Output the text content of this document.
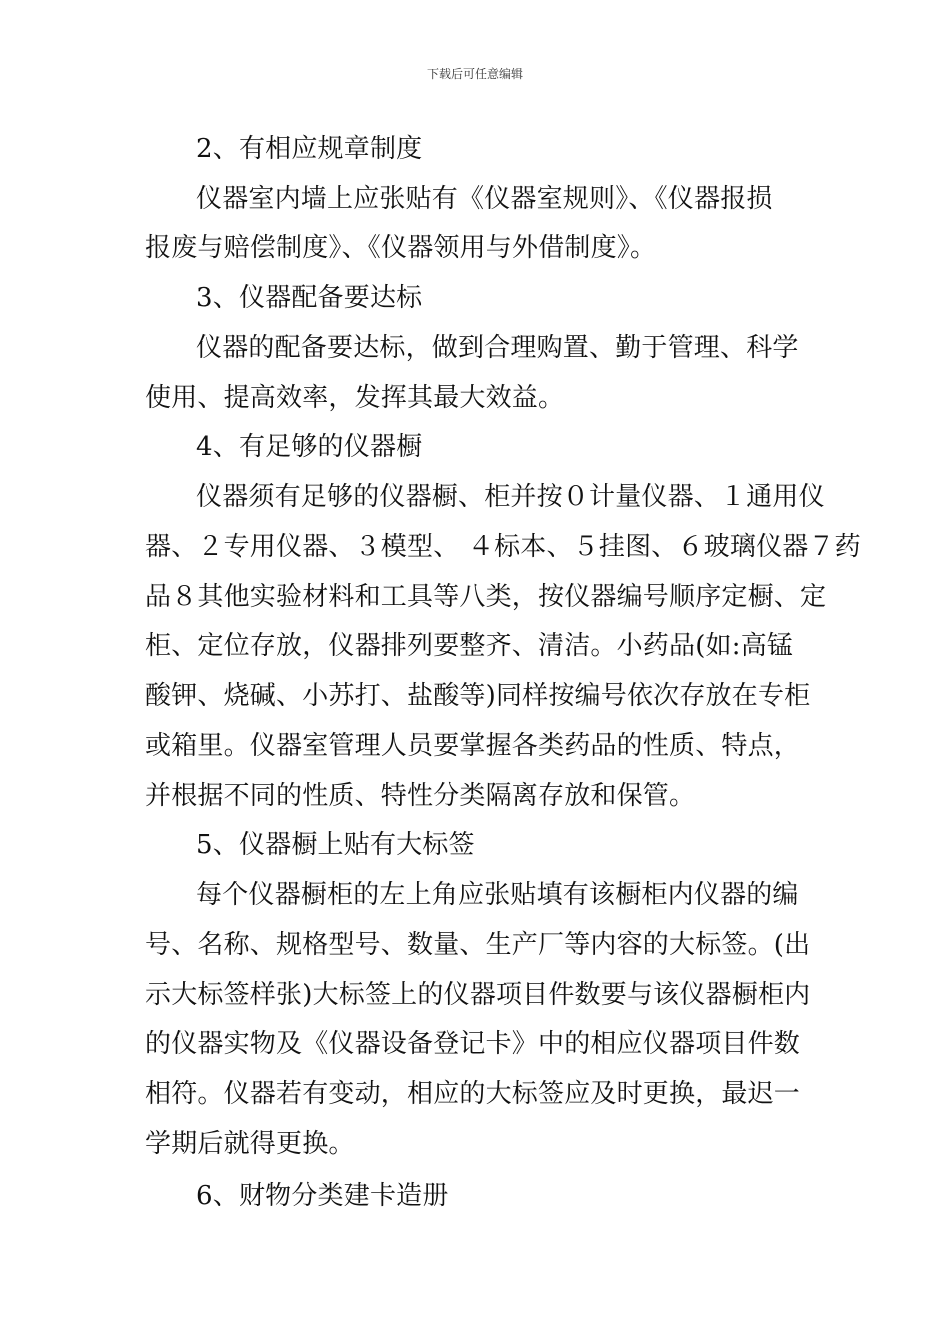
下载后可任意编辑
2、有相应规章制度
仪器室内墙上应张贴有《仪器室规则》、《仪器报损
报废与赔偿制度》、《仪器领用与外借制度》。
3、仪器配备要达标
仪器的配备要达标，做到合理购置、勤于管理、科学
使用、提高效率，发挥其最大效益。
4、有足够的仪器橱
仪器须有足够的仪器橱、柜并按０计量仪器、１通用仪
器、２专用仪器、３模型、 ４标本、５挂图、６玻璃仪器７药
品８其他实验材料和工具等八类，按仪器编号顺序定橱、定
柜、定位存放，仪器排列要整齐、清洁。小药品(如:高锰
酸钾、烧碱、小苏打、盐酸等)同样按编号依次存放在专柜
或箱里。仪器室管理人员要掌握各类药品的性质、特点，
并根据不同的性质、特性分类隔离存放和保管。
5、仪器橱上贴有大标签
每个仪器橱柜的左上角应张贴填有该橱柜内仪器的编
号、名称、规格型号、数量、生产厂等内容的大标签。(出
示大标签样张)大标签上的仪器项目件数要与该仪器橱柜内
的仪器实物及《仪器设备登记卡》中的相应仪器项目件数
相符。仪器若有变动，相应的大标签应及时更换，最迟一
学期后就得更换。
6、财物分类建卡造册
